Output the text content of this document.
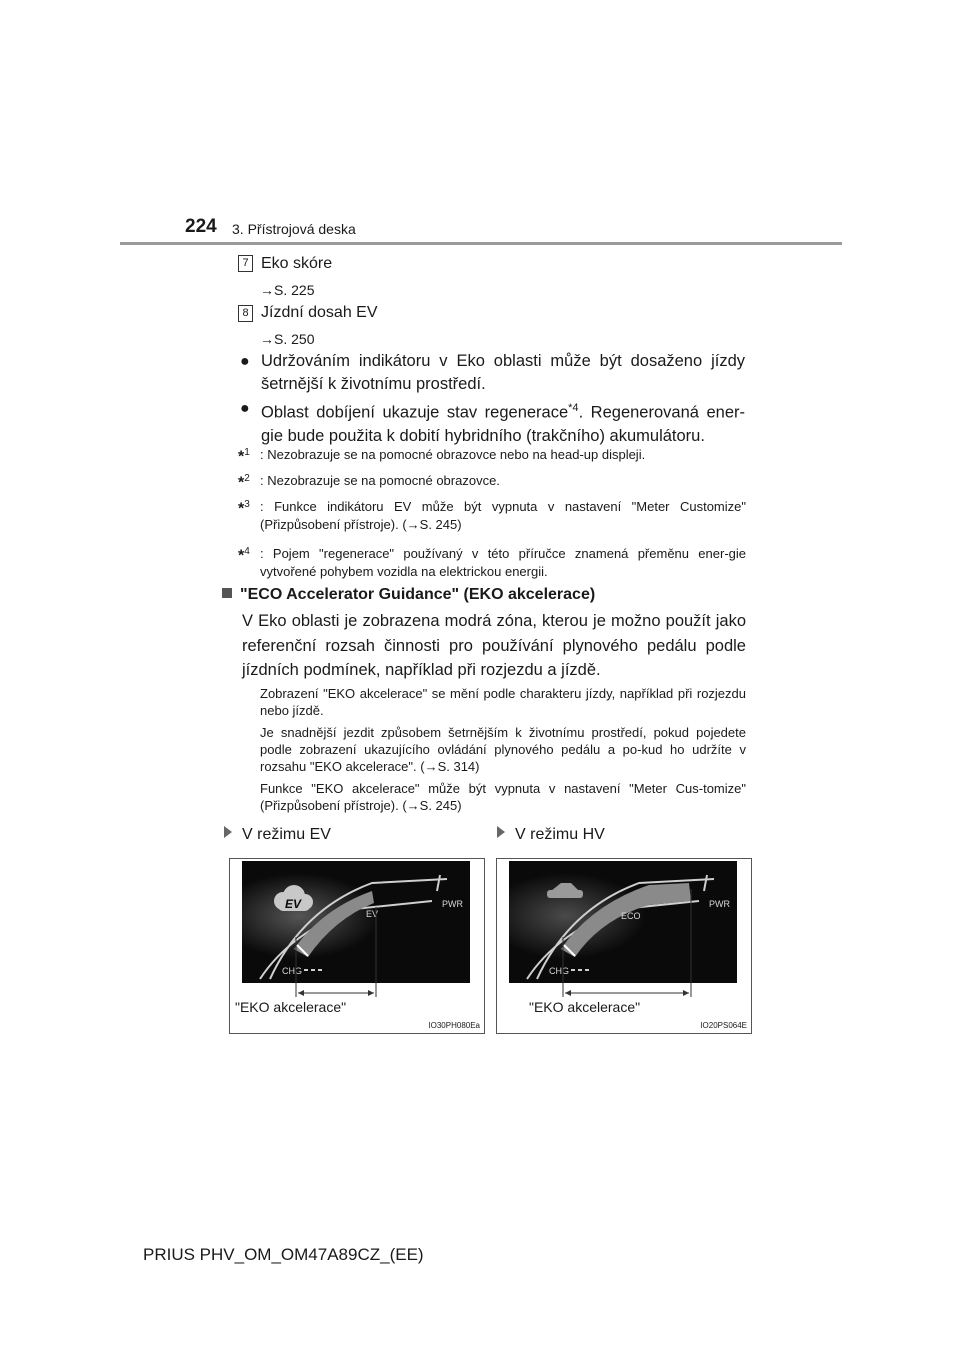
224 3. Přístrojová deska
7 Eko skóre
→S. 225
8 Jízdní dosah EV
→S. 250
● Udržováním indikátoru v Eko oblasti může být dosaženo jízdy šetrnější k životnímu prostředí.
● Oblast dobíjení ukazuje stav regenerace$^{*4}$. Regenerovaná ener-gie bude použita k dobití hybridního (trakčního) akumulátoru.
*$^1$ : Nezobrazuje se na pomocné obrazovce nebo na head-up displeji.
*$^2$ : Nezobrazuje se na pomocné obrazovce.
*$^3$ : Funkce indikátoru EV může být vypnuta v nastavení "Meter Customize" (Přizpůsobení přístroje). (→S. 245)
*$^4$ : Pojem "regenerace" používaný v této příručce znamená přeměnu ener-gie vytvořené pohybem vozidla na elektrickou energii.
"ECO Accelerator Guidance" (EKO akcelerace)
V Eko oblasti je zobrazena modrá zóna, kterou je možno použít jako referenční rozsah činnosti pro používání plynového pedálu podle jízdních podmínek, například při rozjezdu a jízdě.
Zobrazení "EKO akcelerace" se mění podle charakteru jízdy, například při rozjezdu nebo jízdě.
Je snadnější jezdit způsobem šetrnějším k životnímu prostředí, pokud pojedete podle zobrazení ukazujícího ovládání plynového pedálu a po-kud ho udržíte v rozsahu "EKO akcelerace". (→S. 314)
Funkce "EKO akcelerace" může být vypnuta v nastavení "Meter Cus-tomize" (Přizpůsobení přístroje). (→S. 245)
V režimu EV	V režimu HV
EV
EV
PWR
CHG
"EKO akcelerace"
IO30PH080Ea
ECO
PWR
CHG
"EKO akcelerace"
IO20PS064E
PRIUS PHV_OM_OM47A89CZ_(EE)
